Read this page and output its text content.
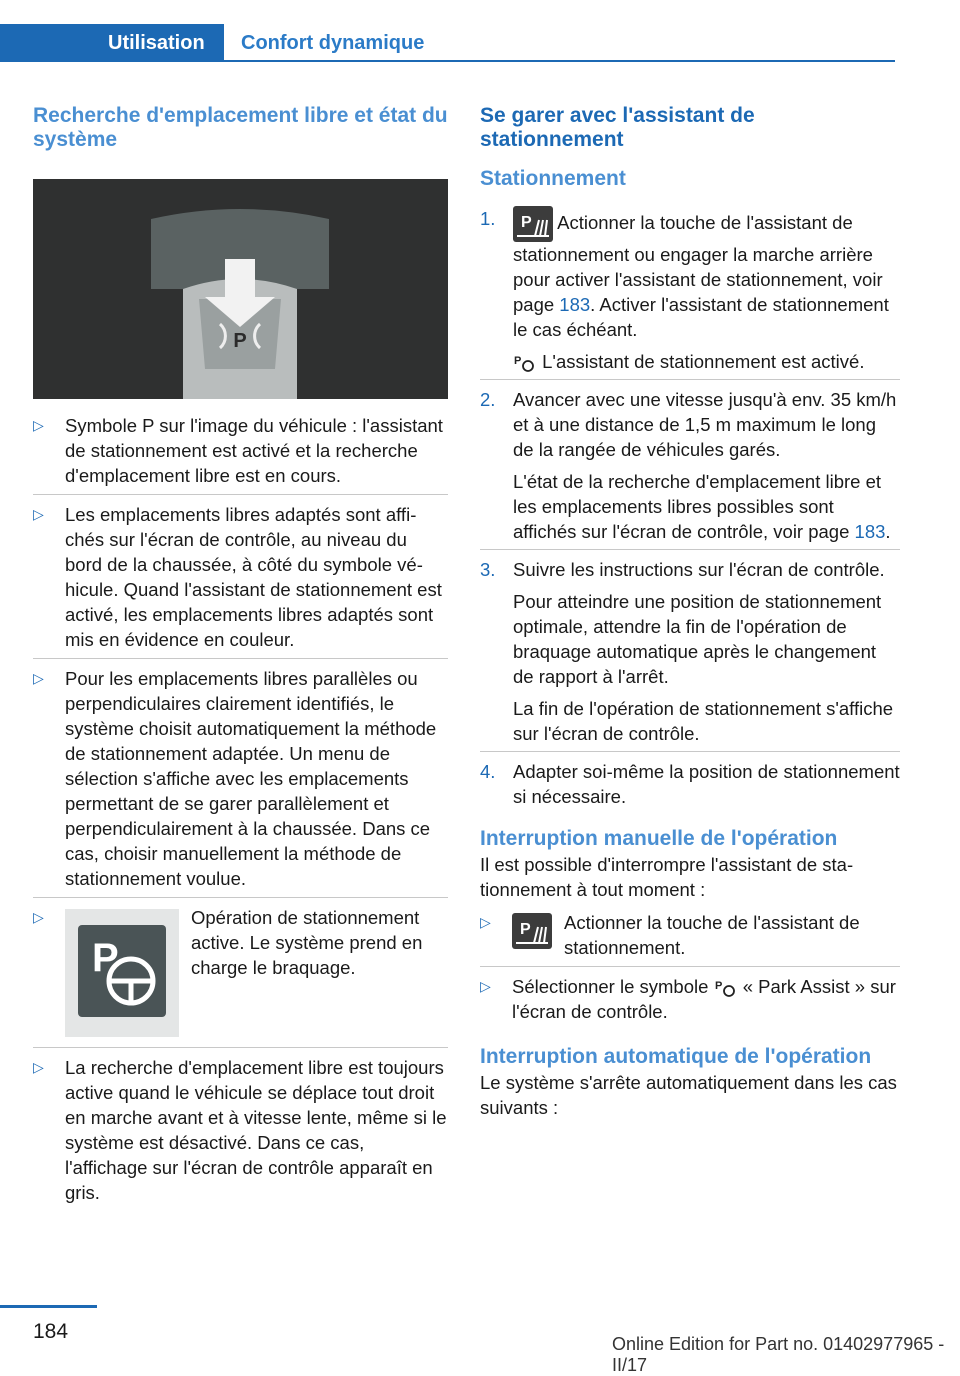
Utilisation	Confort dynamique
Recherche d'emplacement libre et état du système
P
▷ Symbole P sur l'image du véhicule : l'assistant de stationnement est activé et la recherche d'emplacement libre est en cours.
▷ Les emplacements libres adaptés sont affichés sur l'écran de contrôle, au niveau du bord de la chaussée, à côté du symbole véhicule. Quand l'assistant de stationnement est activé, les emplacements libres adaptés sont mis en évidence en couleur.
▷ Pour les emplacements libres parallèles ou perpendiculaires clairement identifiés, le système choisit automatiquement la méthode de stationnement adaptée. Un menu de sélection s'affiche avec les emplacements permettant de se garer parallèlement et perpendiculairement à la chaussée. Dans ce cas, choisir manuellement la méthode de stationnement voulue.
▷
P
Opération de stationnement active. Le système prend en charge le braquage.
▷ La recherche d'emplacement libre est toujours active quand le véhicule se déplace tout droit en marche avant et à vitesse lente, même si le système est désactivé. Dans ce cas, l'affichage sur l'écran de contrôle apparaît en gris.
Se garer avec l'assistant de stationnement
Stationnement
1. P Actionner la touche de l'assistant de stationnement ou engager la marche arrière pour activer l'assistant de stationnement, voir page 183. Activer l'assistant de stationnement le cas échéant.

P L'assistant de stationnement est activé.

2. Avancer avec une vitesse jusqu'à env. 35 km/h et à une distance de 1,5 m maximum le long de la rangée de véhicules garés.

L'état de la recherche d'emplacement libre et les emplacements libres possibles sont affichés sur l'écran de contrôle, voir page 183.

3. Suivre les instructions sur l'écran de contrôle.

Pour atteindre une position de stationnement optimale, attendre la fin de l'opération de braquage automatique après le changement de rapport à l'arrêt.

La fin de l'opération de stationnement s'affiche sur l'écran de contrôle.

4. Adapter soi-même la position de stationnement si nécessaire.

Interruption manuelle de l'opération

Il est possible d'interrompre l'assistant de stationnement à tout moment :

▷ P Actionner la touche de l'assistant de stationnement.
▷ Sélectionner le symbole P « Park Assist » sur l'écran de contrôle.
Interruption automatique de l'opération

Le système s'arrête automatiquement dans les cas suivants :

184
Online Edition for Part no. 01402977965 - II/17
